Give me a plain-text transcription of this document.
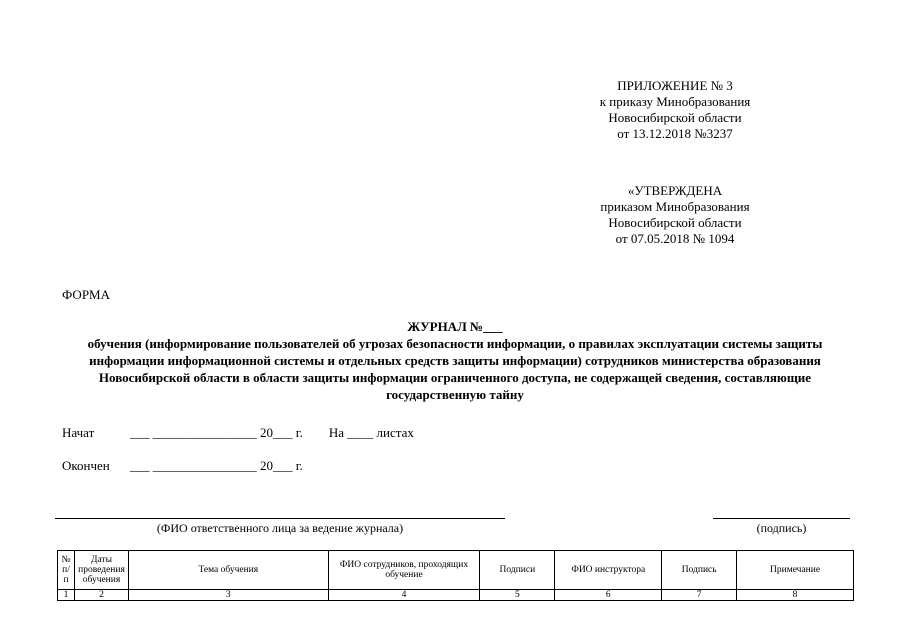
ПРИЛОЖЕНИЕ № 3
к приказу Минобразования
Новосибирской области
от 13.12.2018 №3237
«УТВЕРЖДЕНА
приказом Минобразования
Новосибирской области
от 07.05.2018 № 1094
ФОРМА
ЖУРНАЛ №___
обучения (информирование пользователей об угрозах безопасности информации, о правилах эксплуатации системы защиты информации информационной системы и отдельных средств защиты информации) сотрудников министерства образования Новосибирской области в области защиты информации ограниченного доступа, не содержащей сведения, составляющие государственную тайну
Начат	___ ________________ 20___ г.        На ____ листах
Окончен ___ ________________ 20___ г.
(ФИО ответственного лица за ведение журнала)	(подпись)
№ п/п	Даты проведения обучения	Тема обучения	ФИО сотрудников, проходящих обучение	Подписи	ФИО инструктора	Подпись	Примечание
1	2	3	4	5	6	7	8
